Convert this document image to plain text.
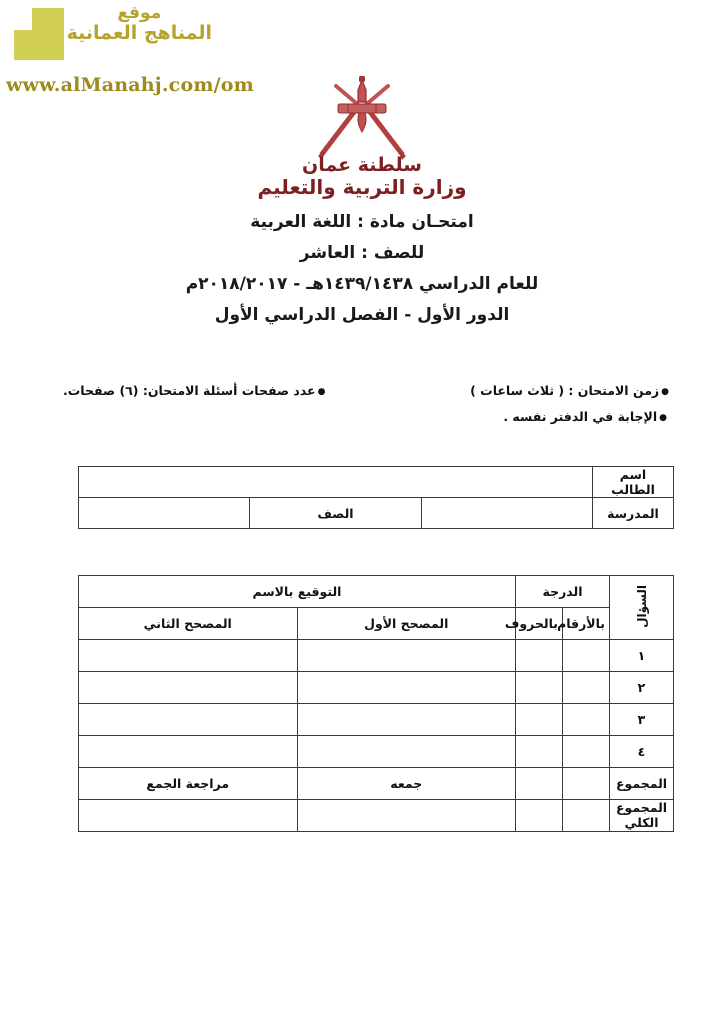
موقع
المناهج العمانية
www.alManahj.com/om
سلطنة عمان
وزارة التربية والتعليم
امتحـان مادة : اللغة العربية
للصف : العاشر
للعام الدراسي ١٤٣٩/١٤٣٨هـ - ٢٠١٨/٢٠١٧م
الدور الأول - الفصل الدراسي الأول
● زمن الامتحان : ( ثلاث ساعات )
● عدد صفحات أسئلة الامتحان: (٦) صفحات.
● الإجابة في الدفتر نفسه .
اسم الطالب			
المدرسة		الصف	
السؤال	الدرجة		التوقيع بالاسم	
	بالأرقام	بالحروف	المصحح الأول	المصحح الثاني
١				
٢				
٣				
٤				
المجموع			جمعه	مراجعة الجمع
المجموع
الكلي				
